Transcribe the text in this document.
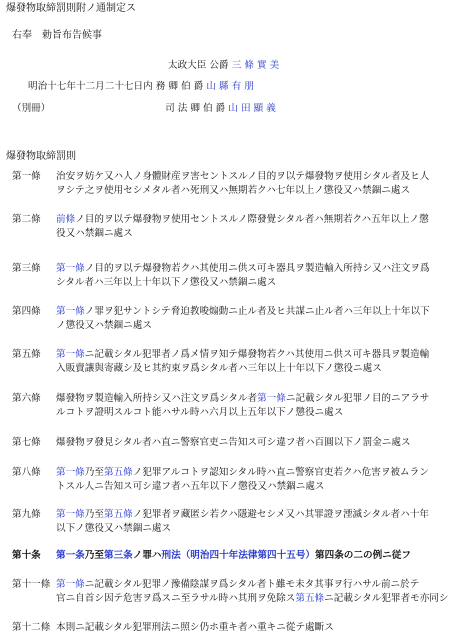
爆發物取締罰則附ノ通制定ス
右奉　勅旨布告候事
太政大臣 公爵 三 條 實 美
明治十七年十二月二十七日内 務 卿 伯 爵 山 縣 有 朋
（別冊）	司 法 卿 伯 爵 山 田 顯 義
爆發物取締罰則
第一條 治安ヲ妨ケ又ハ人ノ身體財産ヲ害セントスルノ目的ヲ以テ爆發物ヲ使用シタル者及ヒ人
ヲシテ之ヲ使用セシメタル者ハ死刑又ハ無期若クハ七年以上ノ懲役又ハ禁錮ニ處ス
第二條 前條ノ目的ヲ以テ爆發物ヲ使用セントスルノ際發覺シタル者ハ無期若クハ五年以上ノ懲
役又ハ禁錮ニ處ス
第三條 第一條ノ目的ヲ以テ爆發物若クハ其使用ニ供ス可キ器具ヲ製造輸入所持シ又ハ注文ヲ爲
シタル者ハ三年以上十年以下ノ懲役又ハ禁錮ニ處ス
第四條 第一條ノ罪ヲ犯サントシテ脅迫教唆煽動ニ止ル者及ヒ共謀ニ止ル者ハ三年以上十年以下
ノ懲役又ハ禁錮ニ處ス
第五條 第一條ニ記載シタル犯罪者ノ爲メ情ヲ知テ爆發物若クハ其使用ニ供ス可キ器具ヲ製造輸
入販賣讓與寄藏シ及ヒ其約束ヲ爲シタル者ハ三年以上十年以下ノ懲役ニ處ス
第六條 爆發物ヲ製造輸入所持シ又ハ注文ヲ爲シタル者第一條ニ記載シタル犯罪ノ目的ニアラサ
ルコトヲ證明スルコト能ハサル時ハ六月以上五年以下ノ懲役ニ處ス
第七條 爆發物ヲ發見シタル者ハ直ニ警察官吏ニ告知ス可シ違フ者ハ百圓以下ノ罰金ニ處ス
第八條 第一條乃至第五條ノ犯罪アルコトヲ認知シタル時ハ直ニ警察官吏若クハ危害ヲ被ムラン
トスル人ニ告知ス可シ違フ者ハ五年以下ノ懲役又ハ禁錮ニ處ス
第九條 第一條乃至第五條ノ犯罪者ヲ藏匿シ若クハ隱避セシメ又ハ其罪證ヲ湮滅シタル者ハ十年
以下ノ懲役又ハ禁錮ニ處ス
第十条 第一条乃至第三条ノ罪ハ刑法（明治四十年法律第四十五号）第四条の二の例ニ従フ
第十一條 第一條ニ記載シタル犯罪ノ豫備陰謀ヲ爲シタル者ト雖モ未タ其事ヲ行ハサル前ニ於テ
官ニ自首シ因テ危害ヲ爲スニ至ラサル時ハ其刑ヲ免除ス第五條ニ記載シタル犯罪者モ亦同シ
第十二條 本則ニ記載シタル犯罪刑法ニ照シ仍ホ重キ者ハ重キニ從テ處斷ス
